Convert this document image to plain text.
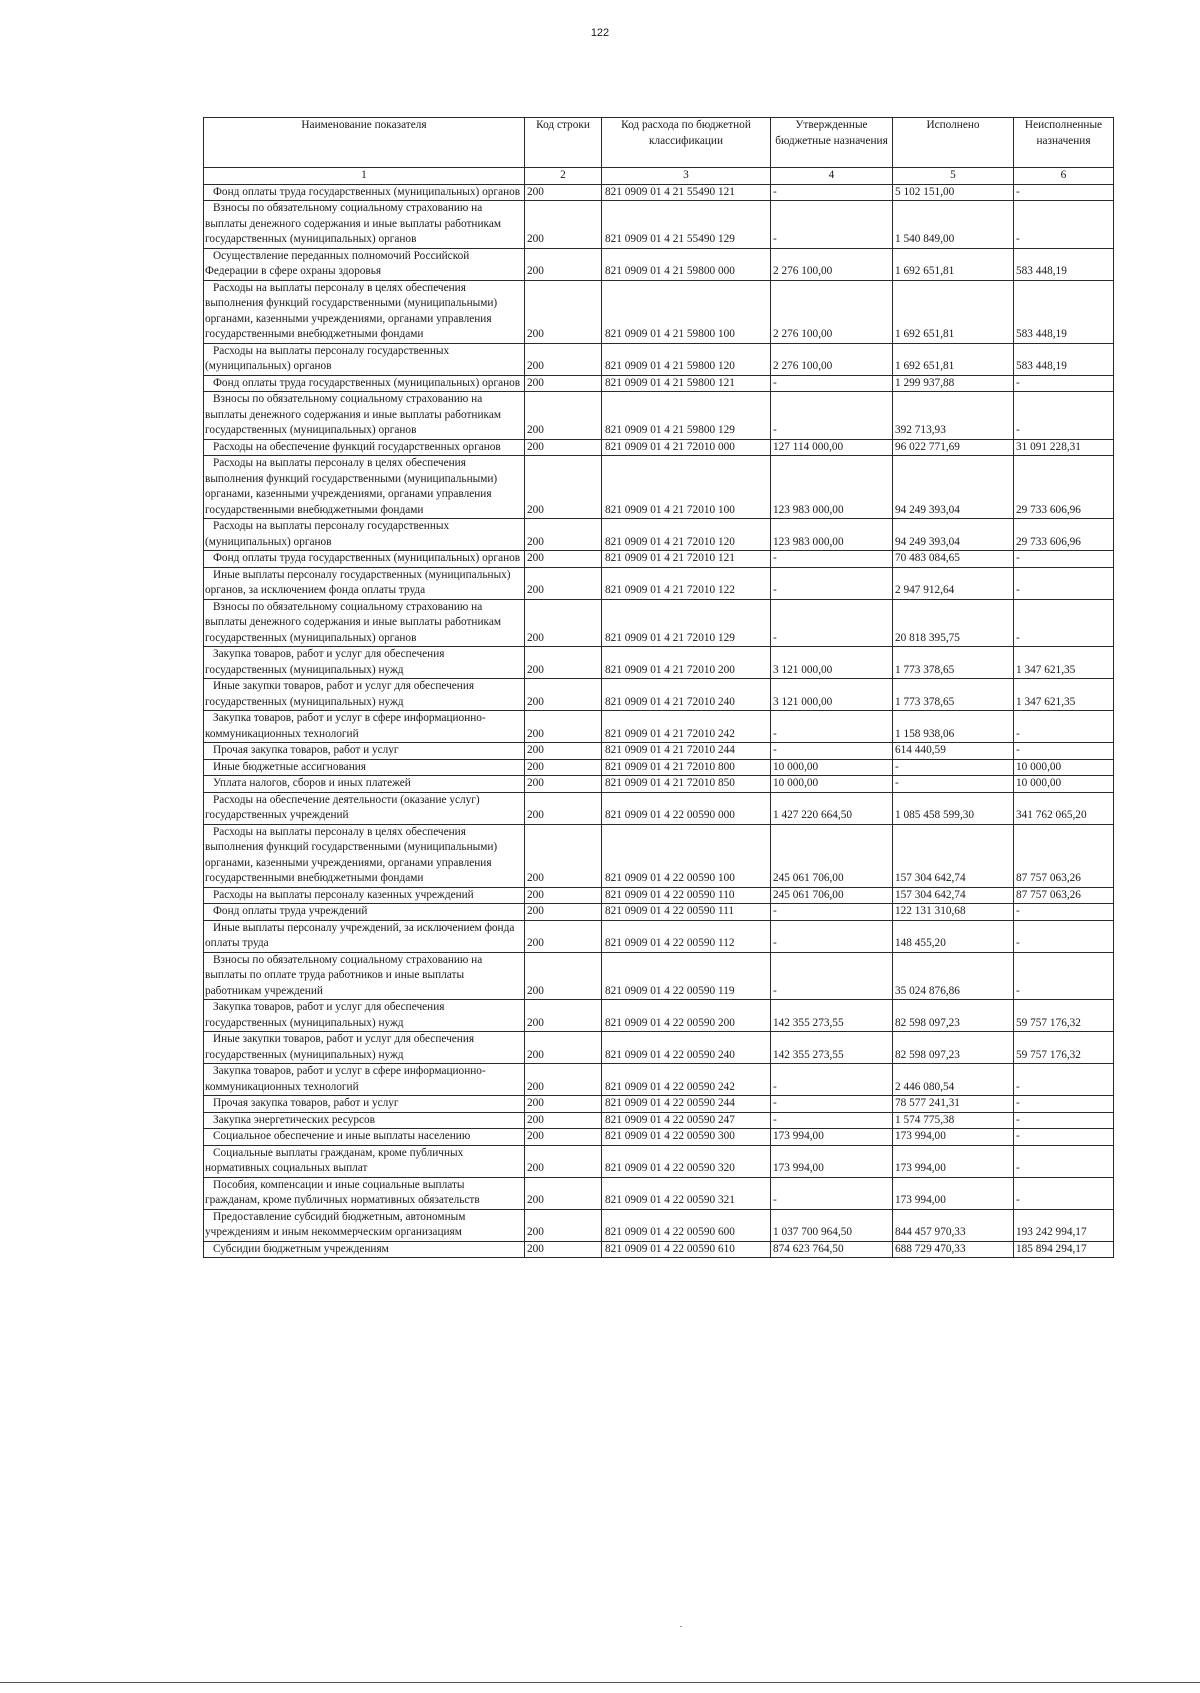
122
Наименование показателя	Код строки	Код расхода по бюджетной классификации	Утвержденные бюджетные назначения	Исполнено	Неисполненные назначения
1	2	3	4	5	6
Фонд оплаты труда государственных (муниципальных) органов	200	821 0909 01 4 21 55490 121	-	5 102 151,00	-
Взносы по обязательному социальному страхованию на выплаты денежного содержания и иные выплаты работникам государственных (муниципальных) органов	200	821 0909 01 4 21 55490 129	-	1 540 849,00	-
Осуществление переданных полномочий Российской Федерации в сфере охраны здоровья	200	821 0909 01 4 21 59800 000	2 276 100,00	1 692 651,81	583 448,19
Расходы на выплаты персоналу в целях обеспечения выполнения функций государственными (муниципальными) органами, казенными учреждениями, органами управления государственными внебюджетными фондами	200	821 0909 01 4 21 59800 100	2 276 100,00	1 692 651,81	583 448,19
Расходы на выплаты персоналу государственных (муниципальных) органов	200	821 0909 01 4 21 59800 120	2 276 100,00	1 692 651,81	583 448,19
Фонд оплаты труда государственных (муниципальных) органов	200	821 0909 01 4 21 59800 121	-	1 299 937,88	-
Взносы по обязательному социальному страхованию на выплаты денежного содержания и иные выплаты работникам государственных (муниципальных) органов	200	821 0909 01 4 21 59800 129	-	392 713,93	-
Расходы на обеспечение функций государственных органов	200	821 0909 01 4 21 72010 000	127 114 000,00	96 022 771,69	31 091 228,31
Расходы на выплаты персоналу в целях обеспечения выполнения функций государственными (муниципальными) органами, казенными учреждениями, органами управления государственными внебюджетными фондами	200	821 0909 01 4 21 72010 100	123 983 000,00	94 249 393,04	29 733 606,96
Расходы на выплаты персоналу государственных (муниципальных) органов	200	821 0909 01 4 21 72010 120	123 983 000,00	94 249 393,04	29 733 606,96
Фонд оплаты труда государственных (муниципальных) органов	200	821 0909 01 4 21 72010 121	-	70 483 084,65	-
Иные выплаты персоналу государственных (муниципальных) органов, за исключением фонда оплаты труда	200	821 0909 01 4 21 72010 122	-	2 947 912,64	-
Взносы по обязательному социальному страхованию на выплаты денежного содержания и иные выплаты работникам государственных (муниципальных) органов	200	821 0909 01 4 21 72010 129	-	20 818 395,75	-
Закупка товаров, работ и услуг для обеспечения государственных (муниципальных) нужд	200	821 0909 01 4 21 72010 200	3 121 000,00	1 773 378,65	1 347 621,35
Иные закупки товаров, работ и услуг для обеспечения государственных (муниципальных) нужд	200	821 0909 01 4 21 72010 240	3 121 000,00	1 773 378,65	1 347 621,35
Закупка товаров, работ и услуг в сфере информационно-коммуникационных технологий	200	821 0909 01 4 21 72010 242	-	1 158 938,06	-
Прочая закупка товаров, работ и услуг	200	821 0909 01 4 21 72010 244	-	614 440,59	-
Иные бюджетные ассигнования	200	821 0909 01 4 21 72010 800	10 000,00	-	10 000,00
Уплата налогов, сборов и иных платежей	200	821 0909 01 4 21 72010 850	10 000,00	-	10 000,00
Расходы на обеспечение деятельности (оказание услуг) государственных учреждений	200	821 0909 01 4 22 00590 000	1 427 220 664,50	1 085 458 599,30	341 762 065,20
Расходы на выплаты персоналу в целях обеспечения выполнения функций государственными (муниципальными) органами, казенными учреждениями, органами управления государственными внебюджетными фондами	200	821 0909 01 4 22 00590 100	245 061 706,00	157 304 642,74	87 757 063,26
Расходы на выплаты персоналу казенных учреждений	200	821 0909 01 4 22 00590 110	245 061 706,00	157 304 642,74	87 757 063,26
Фонд оплаты труда учреждений	200	821 0909 01 4 22 00590 111	-	122 131 310,68	-
Иные выплаты персоналу учреждений, за исключением фонда оплаты труда	200	821 0909 01 4 22 00590 112	-	148 455,20	-
Взносы по обязательному социальному страхованию на выплаты по оплате труда работников и иные выплаты работникам учреждений	200	821 0909 01 4 22 00590 119	-	35 024 876,86	-
Закупка товаров, работ и услуг для обеспечения государственных (муниципальных) нужд	200	821 0909 01 4 22 00590 200	142 355 273,55	82 598 097,23	59 757 176,32
Иные закупки товаров, работ и услуг для обеспечения государственных (муниципальных) нужд	200	821 0909 01 4 22 00590 240	142 355 273,55	82 598 097,23	59 757 176,32
Закупка товаров, работ и услуг в сфере информационно-коммуникационных технологий	200	821 0909 01 4 22 00590 242	-	2 446 080,54	-
Прочая закупка товаров, работ и услуг	200	821 0909 01 4 22 00590 244	-	78 577 241,31	-
Закупка энергетических ресурсов	200	821 0909 01 4 22 00590 247	-	1 574 775,38	-
Социальное обеспечение и иные выплаты населению	200	821 0909 01 4 22 00590 300	173 994,00	173 994,00	-
Социальные выплаты гражданам, кроме публичных нормативных социальных выплат	200	821 0909 01 4 22 00590 320	173 994,00	173 994,00	-
Пособия, компенсации и иные социальные выплаты гражданам, кроме публичных нормативных обязательств	200	821 0909 01 4 22 00590 321	-	173 994,00	-
Предоставление субсидий бюджетным, автономным учреждениям и иным некоммерческим организациям	200	821 0909 01 4 22 00590 600	1 037 700 964,50	844 457 970,33	193 242 994,17
Субсидии бюджетным учреждениям	200	821 0909 01 4 22 00590 610	874 623 764,50	688 729 470,33	185 894 294,17
